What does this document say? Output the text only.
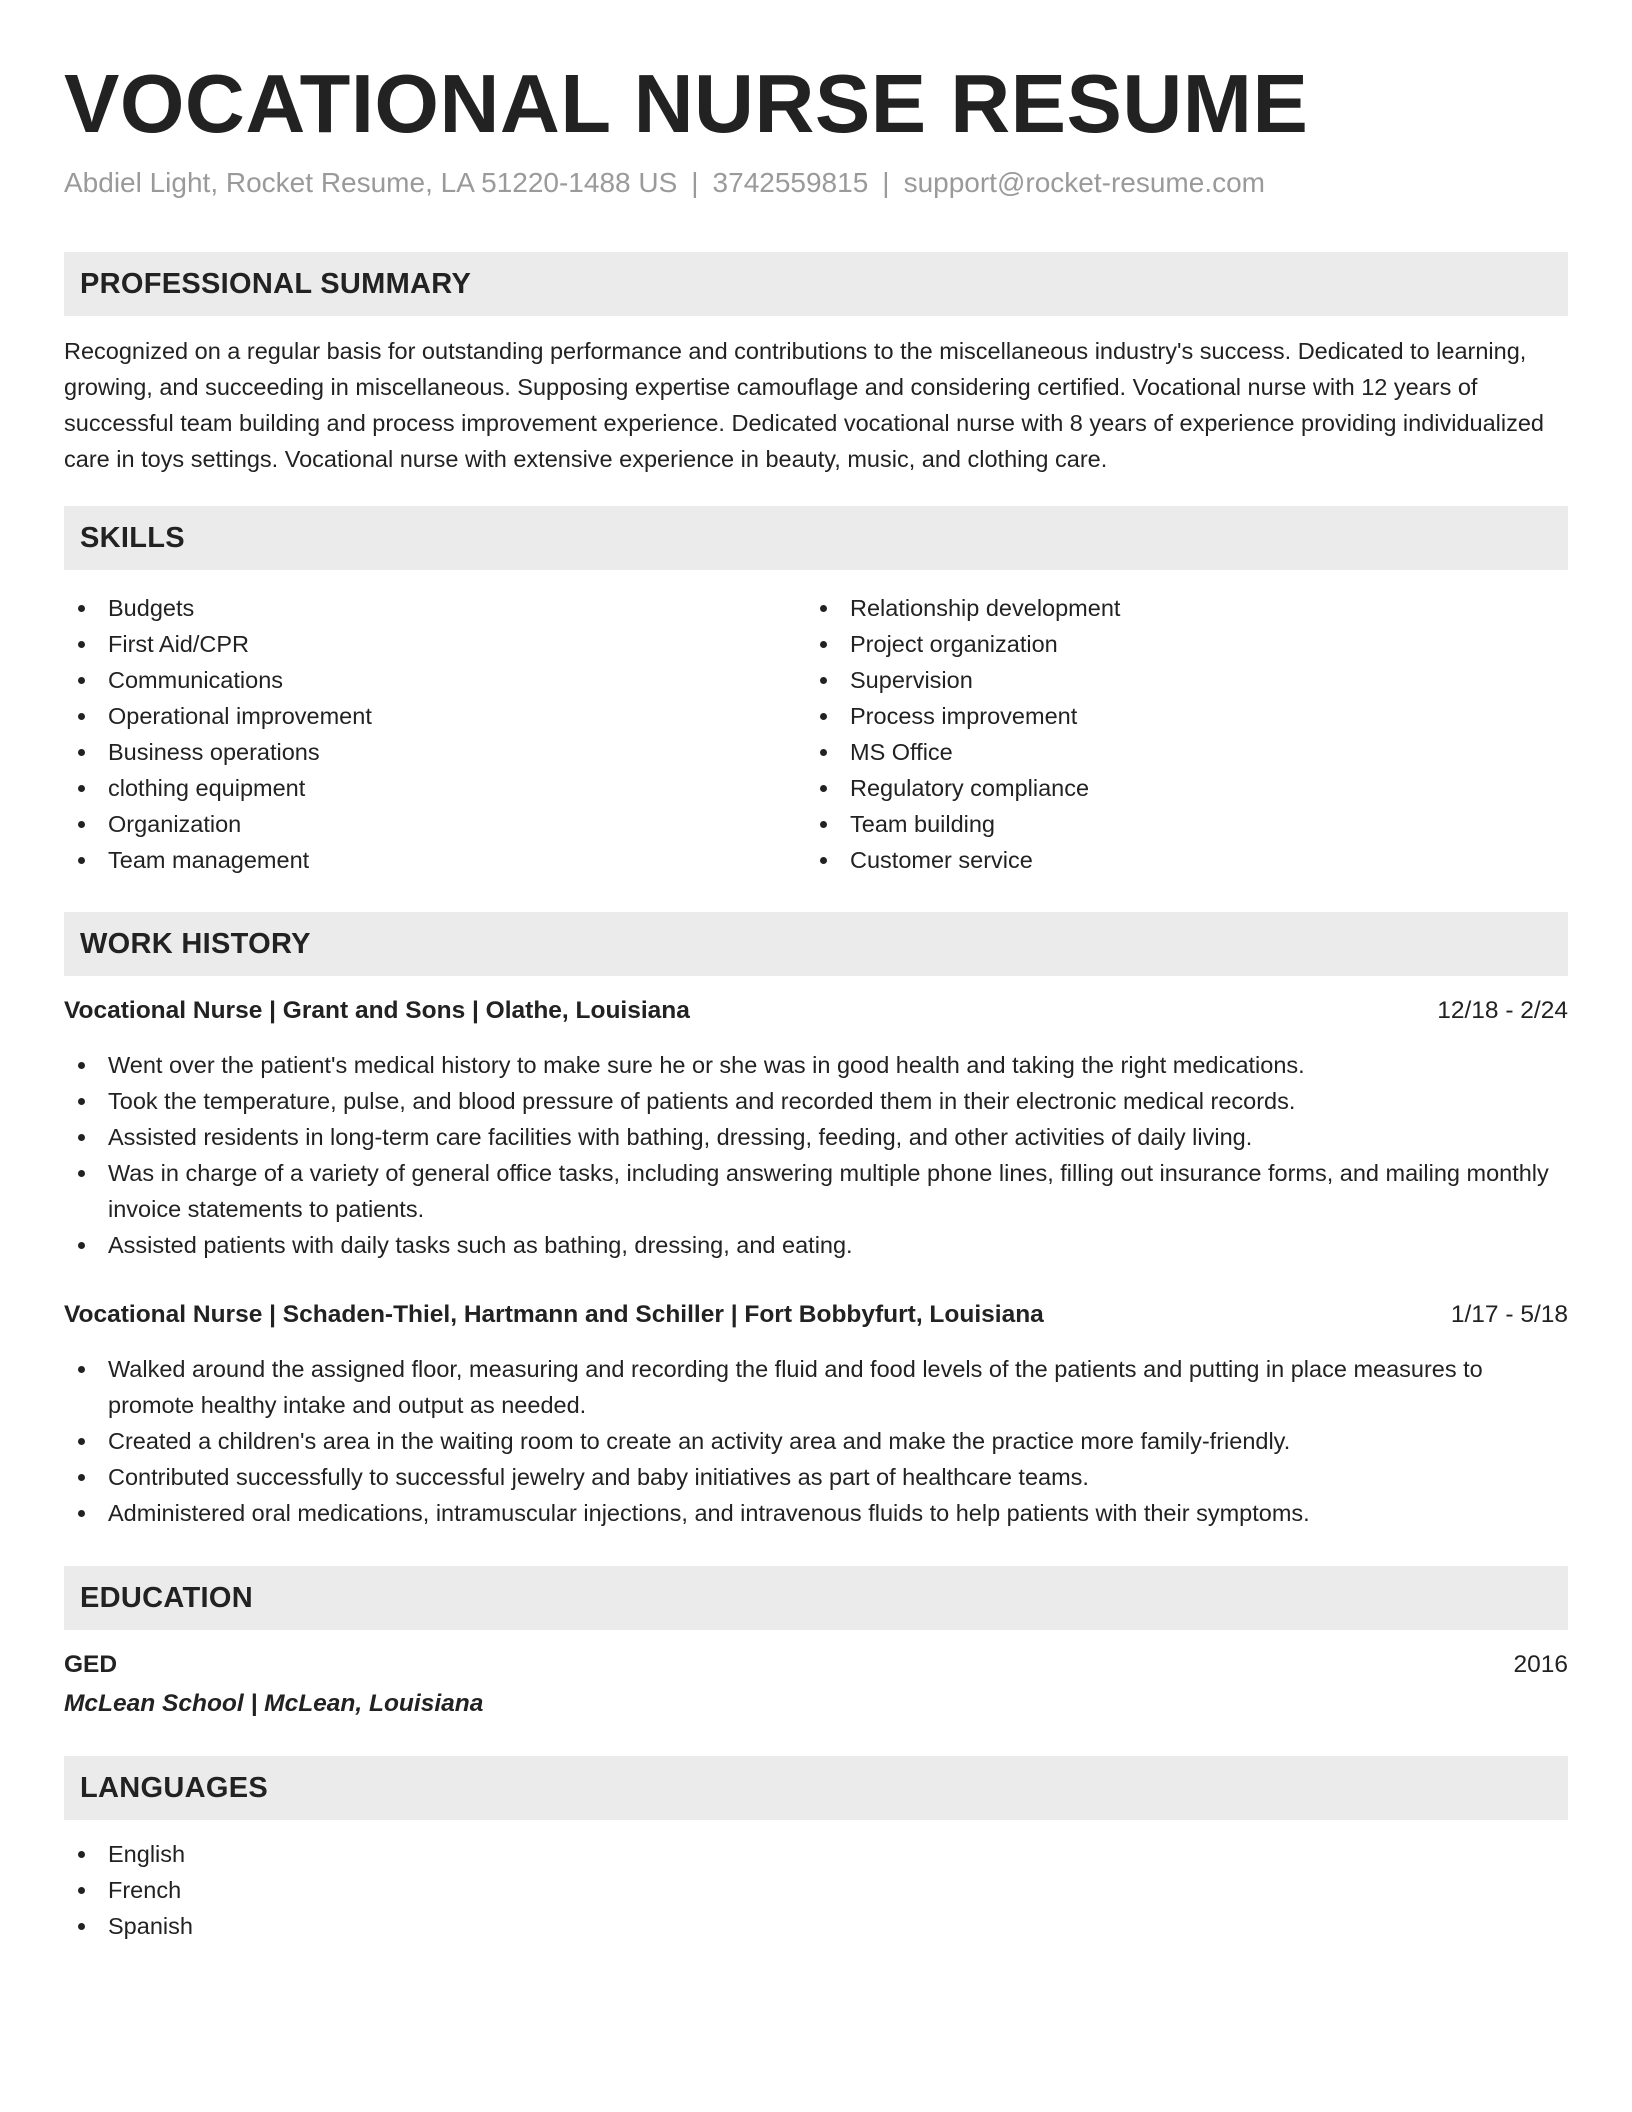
VOCATIONAL NURSE RESUME
Abdiel Light, Rocket Resume, LA 51220-1488 US | 3742559815 | support@rocket-resume.com
PROFESSIONAL SUMMARY

Recognized on a regular basis for outstanding performance and contributions to the miscellaneous industry's success. Dedicated to learning, growing, and succeeding in miscellaneous. Supposing expertise camouflage and considering certified. Vocational nurse with 12 years of successful team building and process improvement experience. Dedicated vocational nurse with 8 years of experience providing individualized care in toys settings. Vocational nurse with extensive experience in beauty, music, and clothing care.

SKILLS
Budgets
First Aid/CPR
Communications
Operational improvement
Business operations
clothing equipment
Organization
Team management
Relationship development
Project organization
Supervision
Process improvement
MS Office
Regulatory compliance
Team building
Customer service
WORK HISTORY
Vocational Nurse | Grant and Sons | Olathe, Louisiana	12/18 - 2/24
Went over the patient's medical history to make sure he or she was in good health and taking the right medications.
Took the temperature, pulse, and blood pressure of patients and recorded them in their electronic medical records.
Assisted residents in long-term care facilities with bathing, dressing, feeding, and other activities of daily living.
Was in charge of a variety of general office tasks, including answering multiple phone lines, filling out insurance forms, and mailing monthly invoice statements to patients.
Assisted patients with daily tasks such as bathing, dressing, and eating.
Vocational Nurse | Schaden-Thiel, Hartmann and Schiller | Fort Bobbyfurt, Louisiana	1/17 - 5/18
Walked around the assigned floor, measuring and recording the fluid and food levels of the patients and putting in place measures to promote healthy intake and output as needed.
Created a children's area in the waiting room to create an activity area and make the practice more family-friendly.
Contributed successfully to successful jewelry and baby initiatives as part of healthcare teams.
Administered oral medications, intramuscular injections, and intravenous fluids to help patients with their symptoms.
EDUCATION
GED	2016
McLean School | McLean, Louisiana
LANGUAGES
English
French
Spanish
